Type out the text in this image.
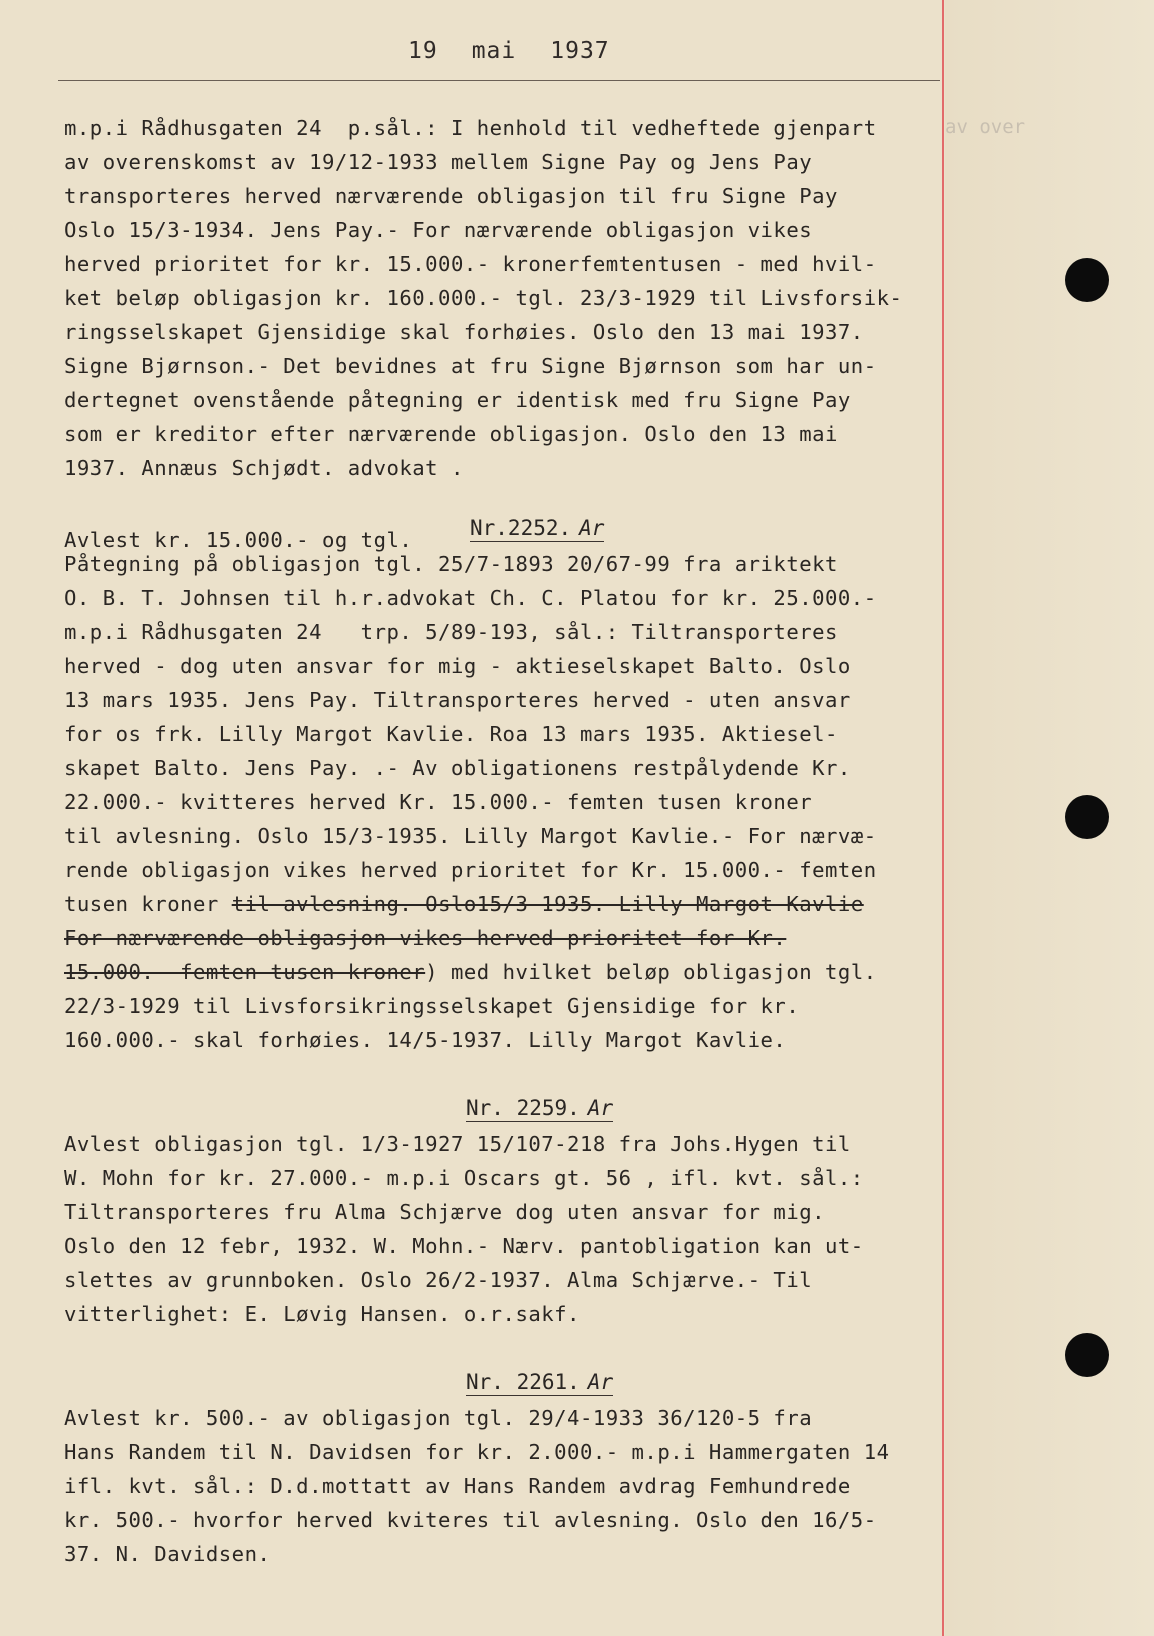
19 mai 1937
m.p.i Rådhusgaten 24  p.sål.: I henhold til vedheftede gjenpart	av over
av overenskomst av 19/12-1933 mellem Signe Pay og Jens Pay
transporteres herved nærværende obligasjon til fru Signe Pay
Oslo 15/3-1934. Jens Pay.- For nærværende obligasjon vikes
herved prioritet for kr. 15.000.- kronerfemtentusen - med hvil-
ket beløp obligasjon kr. 160.000.- tgl. 23/3-1929 til Livsforsik-
ringsselskapet Gjensidige skal forhøies. Oslo den 13 mai 1937.
Signe Bjørnson.- Det bevidnes at fru Signe Bjørnson som har un-
dertegnet ovenstående påtegning er identisk med fru Signe Pay
som er kreditor efter nærværende obligasjon. Oslo den 13 mai
1937. Annæus Schjødt. advokat .
Avlest kr. 15.000.- og tgl.	Nr.2252. Ar
Påtegning på obligasjon tgl. 25/7-1893 20/67-99 fra ariktekt
O. B. T. Johnsen til h.r.advokat Ch. C. Platou for kr. 25.000.-
m.p.i Rådhusgaten 24   trp. 5/89-193, sål.: Tiltransporteres
herved - dog uten ansvar for mig - aktieselskapet Balto. Oslo
13 mars 1935. Jens Pay. Tiltransporteres herved - uten ansvar
for os frk. Lilly Margot Kavlie. Roa 13 mars 1935. Aktiesel-
skapet Balto. Jens Pay. .- Av obligationens restpålydende Kr.
22.000.- kvitteres herved Kr. 15.000.- femten tusen kroner
til avlesning. Oslo 15/3-1935. Lilly Margot Kavlie.- For nærvæ-
rende obligasjon vikes herved prioritet for Kr. 15.000.- femten
tusen kroner til avlesning. Oslo15/3-1935. Lilly Margot Kavlie
For nærværende obligasjon vikes herved prioritet for Kr.
15.000.- femten tusen kroner) med hvilket beløp obligasjon tgl.
22/3-1929 til Livsforsikringsselskapet Gjensidige for kr.
160.000.- skal forhøies. 14/5-1937. Lilly Margot Kavlie.
Nr. 2259. Ar
Avlest obligasjon tgl. 1/3-1927 15/107-218 fra Johs.Hygen til
W. Mohn for kr. 27.000.- m.p.i Oscars gt. 56 , ifl. kvt. sål.:
Tiltransporteres fru Alma Schjærve dog uten ansvar for mig.
Oslo den 12 febr, 1932. W. Mohn.- Nærv. pantobligation kan ut-
slettes av grunnboken. Oslo 26/2-1937. Alma Schjærve.- Til
vitterlighet: E. Løvig Hansen. o.r.sakf.
Nr. 2261. Ar
Avlest kr. 500.- av obligasjon tgl. 29/4-1933 36/120-5 fra
Hans Randem til N. Davidsen for kr. 2.000.- m.p.i Hammergaten 14
ifl. kvt. sål.: D.d.mottatt av Hans Randem avdrag Femhundrede
kr. 500.- hvorfor herved kviteres til avlesning. Oslo den 16/5-
37. N. Davidsen.
